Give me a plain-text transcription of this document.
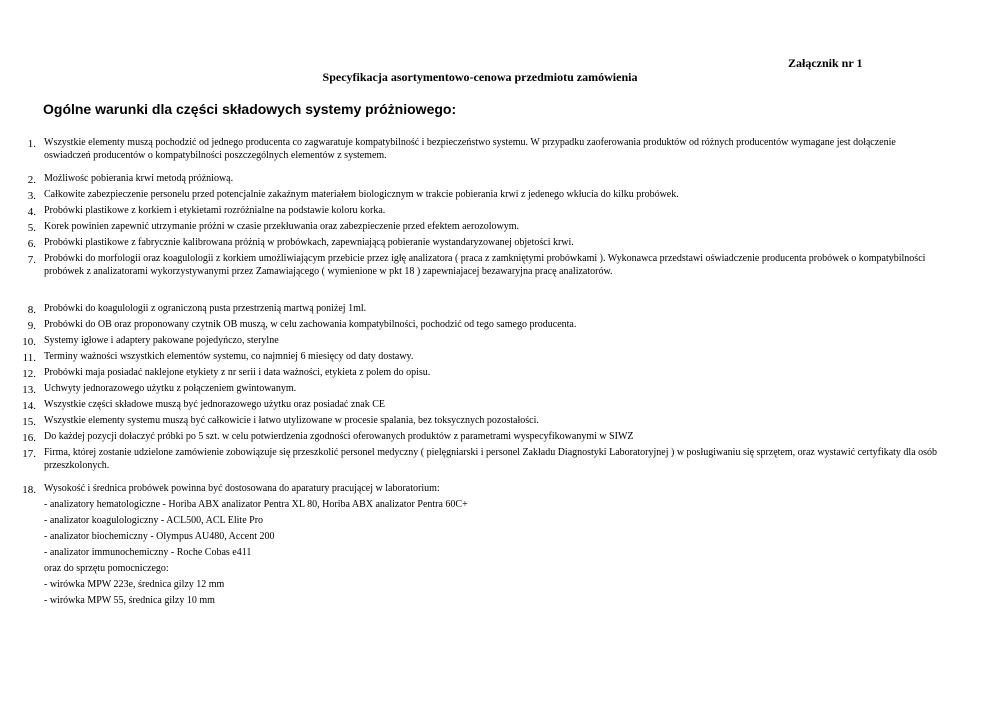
Załącznik nr 1
Specyfikacja asortymentowo-cenowa przedmiotu zamówienia
Ogólne warunki dla części składowych systemy próżniowego:
1. Wszystkie elementy muszą pochodzić od jednego producenta co zagwaratuje kompatybilność i bezpieczeństwo systemu. W przypadku zaoferowania produktów od różnych producentów wymagane jest dołączenie oswiadczeń producentów o kompatybilności poszczególnych elementów z systemem.
2. Możliwośc pobierania krwi metodą próżniową.
3. Całkowite zabezpieczenie personelu przed potencjalnie zakaźnym materiałem biologicznym w trakcie pobierania krwi z jedenego wkłucia do kilku probówek.
4. Probówki plastikowe z korkiem i etykietami rozróżnialne na podstawie koloru korka.
5. Korek powinien zapewnić utrzymanie próżni w czasie przekłuwania oraz zabezpieczenie przed efektem aerozolowym.
6. Probówki plastikowe z fabrycznie kalibrowana próżnią w probówkach, zapewniającą pobieranie wystandaryzowanej objetości krwi.
7. Probówki do morfologii oraz koagulologii z korkiem umożliwiającym przebicie przez igłę analizatora ( praca z zamkniętymi probówkami ). Wykonawca przedstawi oświadczenie producenta probówek o kompatybilności probówek z analizatorami wykorzystywanymi przez Zamawiającego ( wymienione w pkt 18 ) zapewniajacej bezawaryjna pracę analizatorów.
8. Probówki do koagulologii z ograniczoną pusta przestrzenią martwą poniżej 1ml.
9. Probówki do OB oraz proponowany czytnik OB muszą, w celu zachowania kompatybilności, pochodzić od tego samego producenta.
10. Systemy igłowe i adaptery pakowane pojedyńczo, sterylne
11. Terminy ważności wszystkich elementów systemu, co najmniej 6 miesięcy od daty dostawy.
12. Probówki maja posiadać naklejone etykiety z nr serii i data ważności, etykieta z polem do opisu.
13. Uchwyty jednorazowego użytku z połączeniem gwintowanym.
14. Wszystkie części składowe muszą być jednorazowego użytku oraz posiadać znak CE
15. Wszystkie elementy systemu muszą być całkowicie i łatwo utylizowane w procesie spalania, bez toksycznych pozostałości.
16. Do każdej pozycji dołaczyć próbki po 5 szt. w celu potwierdzenia zgodności oferowanych produktów z parametrami wyspecyfikowanymi w SIWZ
17. Firma, której zostanie udzielone zamówienie zobowiązuje się przeszkolić personel medyczny ( pielęgniarski i personel Zakładu Diagnostyki Laboratoryjnej ) w posługiwaniu się sprzętem, oraz wystawić certyfikaty dla osób przeszkolonych.
18. Wysokość i średnica probówek powinna być dostosowana do aparatury pracującej w laboratorium:
- analizatory hematologiczne - Horiba ABX analizator Pentra XL 80, Horiba ABX analizator Pentra 60C+
- analizator koagulologiczny - ACL500, ACL Elite Pro
- analizator biochemiczny - Olympus AU480, Accent 200
- analizator immunochemiczny - Roche Cobas e411
oraz do sprzętu pomocniczego:
- wirówka MPW 223e, średnica gilzy 12 mm
- wirówka MPW 55, średnica gilzy 10 mm
